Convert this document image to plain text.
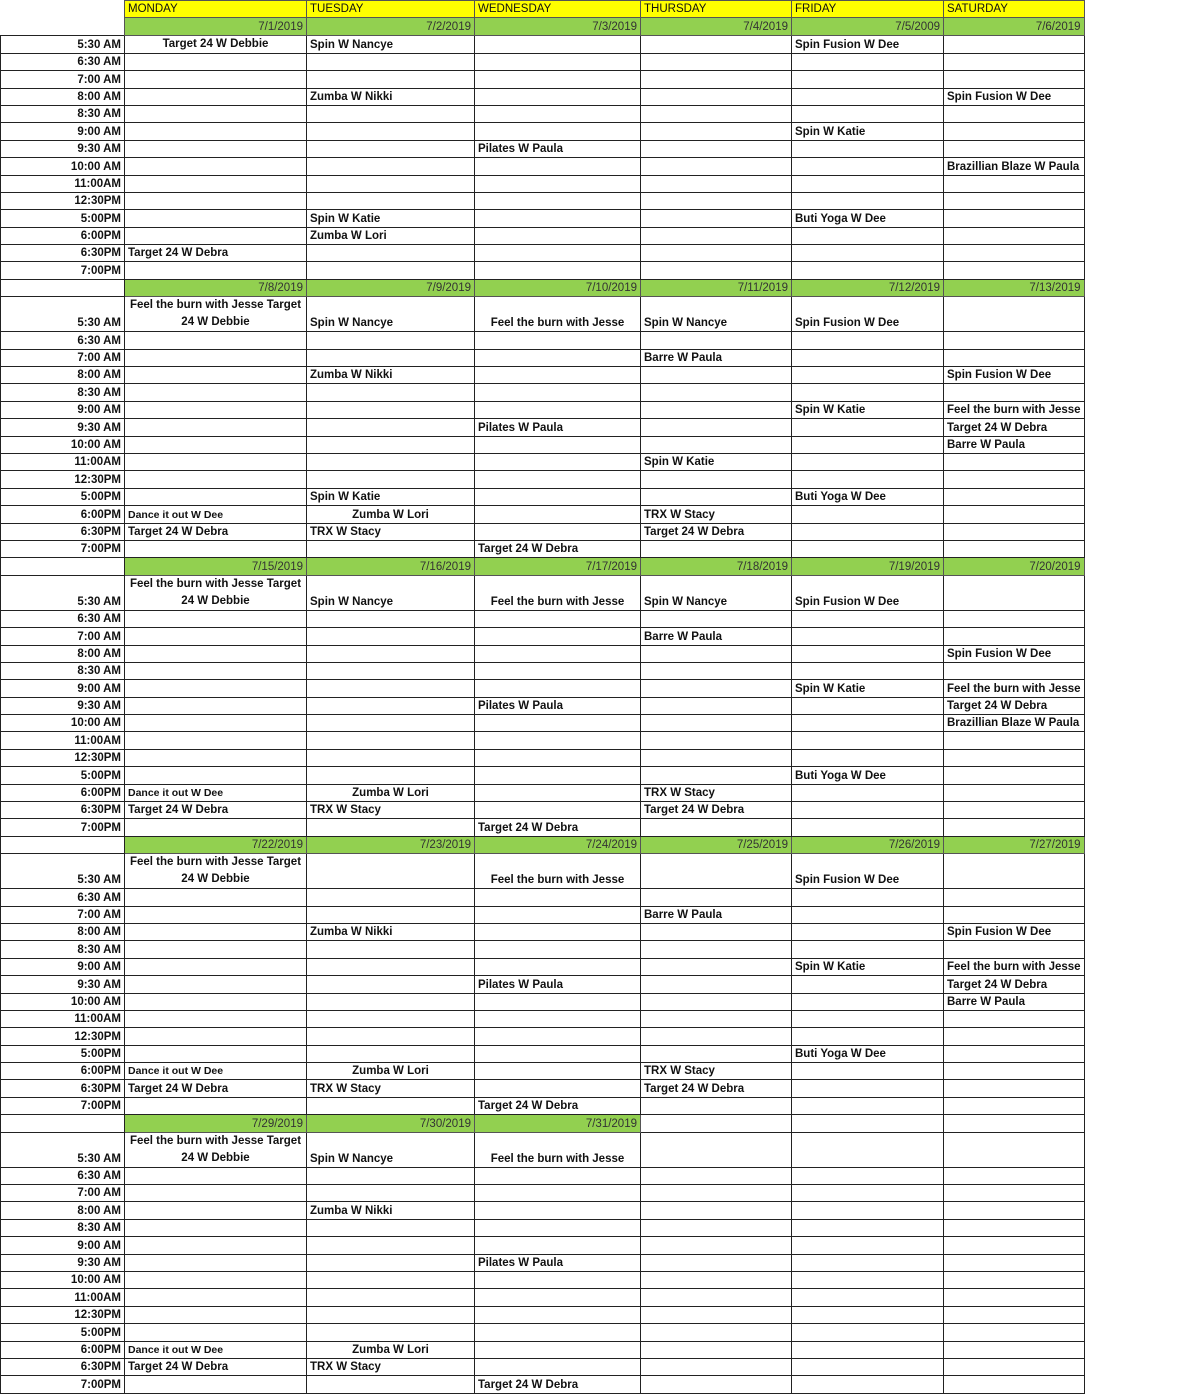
	MONDAY	TUESDAY	WEDNESDAY	THURSDAY	FRIDAY	SATURDAY
	7/1/2019	7/2/2019	7/3/2019	7/4/2019	7/5/2009	7/6/2019
5:30 AM	Target 24 W Debbie	Spin W Nancye			Spin Fusion W Dee	
6:30 AM						
7:00 AM						
8:00 AM		Zumba W Nikki				Spin Fusion W Dee
8:30 AM						
9:00 AM					Spin W Katie	
9:30 AM			Pilates W Paula			
10:00 AM						Brazillian Blaze W Paula
11:00AM						
12:30PM						
5:00PM		Spin W Katie			Buti Yoga W Dee	
6:00PM		Zumba W Lori				
6:30PM	Target 24 W Debra					
7:00PM						
	7/8/2019	7/9/2019	7/10/2019	7/11/2019	7/12/2019	7/13/2019
5:30 AM	Feel the burn with Jesse Target 24 W Debbie	Spin W Nancye	Feel the burn with Jesse	Spin W Nancye	Spin Fusion W Dee	
6:30 AM						
7:00 AM				Barre W Paula		
8:00 AM		Zumba W Nikki				Spin Fusion W Dee
8:30 AM						
9:00 AM					Spin W Katie	Feel the burn with Jesse
9:30 AM			Pilates W Paula			Target 24 W Debra
10:00 AM						Barre W Paula
11:00AM				Spin W Katie		
12:30PM						
5:00PM		Spin W Katie			Buti Yoga W Dee	
6:00PM	Dance it out W Dee	Zumba W Lori		TRX W Stacy		
6:30PM	Target 24 W Debra	TRX W Stacy		Target 24 W Debra		
7:00PM			Target 24 W Debra			
	7/15/2019	7/16/2019	7/17/2019	7/18/2019	7/19/2019	7/20/2019
5:30 AM	Feel the burn with Jesse Target 24 W Debbie	Spin W Nancye	Feel the burn with Jesse	Spin W Nancye	Spin Fusion W Dee	
6:30 AM						
7:00 AM				Barre W Paula		
8:00 AM						Spin Fusion W Dee
8:30 AM						
9:00 AM					Spin W Katie	Feel the burn with Jesse
9:30 AM			Pilates W Paula			Target 24 W Debra
10:00 AM						Brazillian Blaze W Paula
11:00AM						
12:30PM						
5:00PM					Buti Yoga W Dee	
6:00PM	Dance it out W Dee	Zumba W Lori		TRX W Stacy		
6:30PM	Target 24 W Debra	TRX W Stacy		Target 24 W Debra		
7:00PM			Target 24 W Debra			
	7/22/2019	7/23/2019	7/24/2019	7/25/2019	7/26/2019	7/27/2019
5:30 AM	Feel the burn with Jesse Target 24 W Debbie		Feel the burn with Jesse		Spin Fusion W Dee	
6:30 AM						
7:00 AM				Barre W Paula		
8:00 AM		Zumba W Nikki				Spin Fusion W Dee
8:30 AM						
9:00 AM					Spin W Katie	Feel the burn with Jesse
9:30 AM			Pilates W Paula			Target 24 W Debra
10:00 AM						Barre W Paula
11:00AM						
12:30PM						
5:00PM					Buti Yoga W Dee	
6:00PM	Dance it out W Dee	Zumba W Lori		TRX W Stacy		
6:30PM	Target 24 W Debra	TRX W Stacy		Target 24 W Debra		
7:00PM			Target 24 W Debra			
	7/29/2019	7/30/2019	7/31/2019			
5:30 AM	Feel the burn with Jesse Target 24 W Debbie	Spin W Nancye	Feel the burn with Jesse			
6:30 AM						
7:00 AM						
8:00 AM		Zumba W Nikki				
8:30 AM						
9:00 AM						
9:30 AM			Pilates W Paula			
10:00 AM						
11:00AM						
12:30PM						
5:00PM						
6:00PM	Dance it out W Dee	Zumba W Lori				
6:30PM	Target 24 W Debra	TRX W Stacy				
7:00PM			Target 24 W Debra			
